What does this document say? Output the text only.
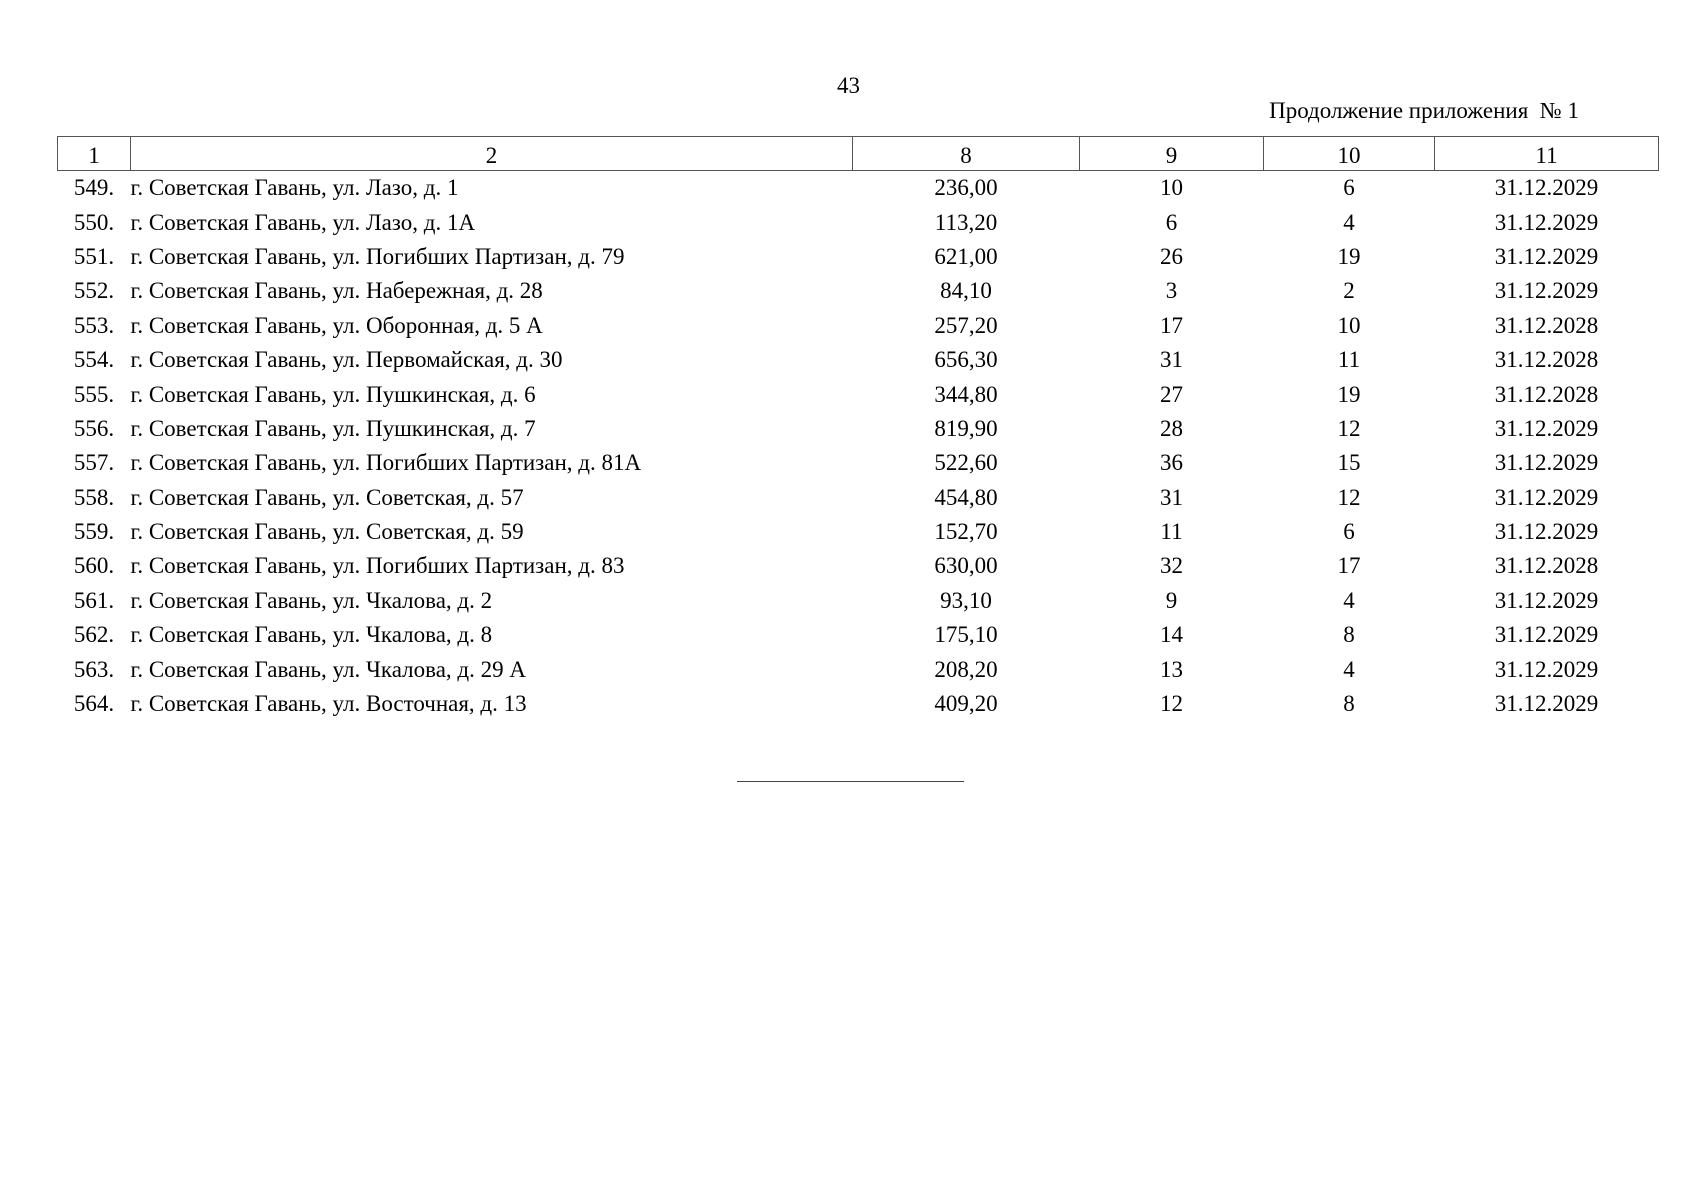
43
Продолжение приложения  № 1
1	2	8	9	10	11
549.	г. Советская Гавань, ул. Лазо, д. 1	236,00	10	6	31.12.2029
550.	г. Советская Гавань, ул. Лазо, д. 1А	113,20	6	4	31.12.2029
551.	г. Советская Гавань, ул. Погибших Партизан, д. 79	621,00	26	19	31.12.2029
552.	г. Советская Гавань, ул. Набережная, д. 28	84,10	3	2	31.12.2029
553.	г. Советская Гавань, ул. Оборонная, д. 5 А	257,20	17	10	31.12.2028
554.	г. Советская Гавань, ул. Первомайская, д. 30	656,30	31	11	31.12.2028
555.	г. Советская Гавань, ул. Пушкинская, д. 6	344,80	27	19	31.12.2028
556.	г. Советская Гавань, ул. Пушкинская, д. 7	819,90	28	12	31.12.2029
557.	г. Советская Гавань, ул. Погибших Партизан, д. 81А	522,60	36	15	31.12.2029
558.	г. Советская Гавань, ул. Советская, д. 57	454,80	31	12	31.12.2029
559.	г. Советская Гавань, ул. Советская, д. 59	152,70	11	6	31.12.2029
560.	г. Советская Гавань, ул. Погибших Партизан, д. 83	630,00	32	17	31.12.2028
561.	г. Советская Гавань, ул. Чкалова, д. 2	93,10	9	4	31.12.2029
562.	г. Советская Гавань, ул. Чкалова, д. 8	175,10	14	8	31.12.2029
563.	г. Советская Гавань, ул. Чкалова, д. 29 А	208,20	13	4	31.12.2029
564.	г. Советская Гавань, ул. Восточная, д. 13	409,20	12	8	31.12.2029
